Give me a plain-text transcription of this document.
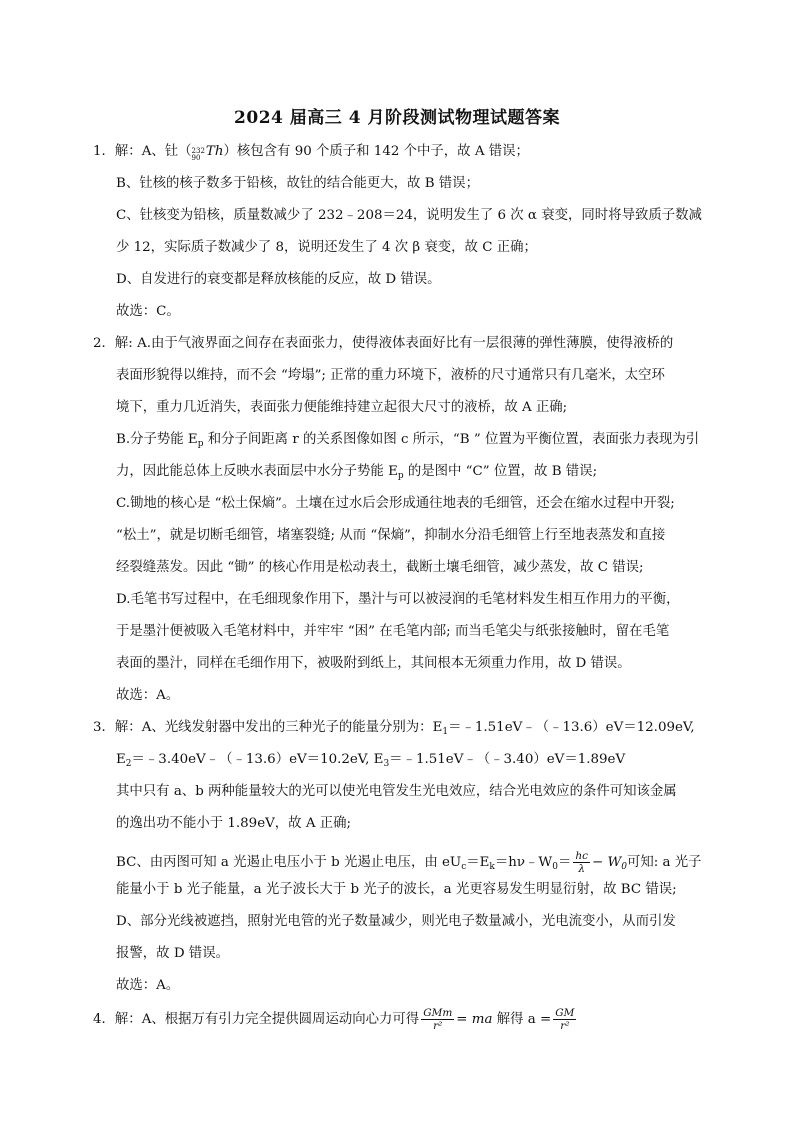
2024 届高三 4 月阶段测试物理试题答案
1．解：A、钍（ 232
90 Th）核包含有 90 个质子和 142 个中子，故 A 错误；
B、钍核的核子数多于铅核，故钍的结合能更大，故 B 错误；
C、钍核变为铅核，质量数减少了 232﹣208＝24，说明发生了 6 次 α 衰变，同时将导致质子数减
少 12，实际质子数减少了 8，说明还发生了 4 次 β 衰变，故 C 正确；
D、自发进行的衰变都是释放核能的反应，故 D 错误。
故选：C。
2．解: A.由于气液界面之间存在表面张力，使得液体表面好比有一层很薄的弹性薄膜，使得液桥的
表面形貌得以维持，而不会 “垮塌”; 正常的重力环境下，液桥的尺寸通常只有几毫米，太空环
境下，重力几近消失，表面张力便能维持建立起很大尺寸的液桥，故 A 正确;
B.分子势能 $E_p$ 和分子间距离 r 的关系图像如图 c 所示，“B ” 位置为平衡位置，表面张力表现为引
力，因此能总体上反映水表面层中水分子势能 $E_p$ 的是图中 “C” 位置，故 B 错误;
C.锄地的核心是 “松土保熵”。土壤在过水后会形成通往地表的毛细管，还会在缩水过程中开裂;
“松土”，就是切断毛细管，堵塞裂缝; 从而 “保熵”，抑制水分沿毛细管上行至地表蒸发和直接
经裂缝蒸发。因此 “锄” 的核心作用是松动表土，截断土壤毛细管，减少蒸发，故 C 错误;
D.毛笔书写过程中，在毛细现象作用下，墨汁与可以被浸润的毛笔材料发生相互作用力的平衡，
于是墨汁便被吸入毛笔材料中，并牢牢 “困” 在毛笔内部; 而当毛笔尖与纸张接触时，留在毛笔
表面的墨汁，同样在毛细作用下，被吸附到纸上，其间根本无须重力作用，故 D 错误。
故选：A。
3．解：A、光线发射器中发出的三种光子的能量分别为：$E_1=﹣1.51eV﹣(﹣13.6)eV=12.09eV$,
$E_2=﹣3.40eV﹣(﹣13.6)eV=10.2eV$, $E_3=﹣1.51eV﹣(﹣3.40)eV=1.89eV$
其中只有 a、b 两种能量较大的光可以使光电管发生光电效应，结合光电效应的条件可知该金属
的逸出功不能小于 1.89eV，故 A 正确;
BC、由丙图可知 a 光遏止电压小于 b 光遏止电压，由 $eU_c=E_k=h\nu﹣W_0= \frac{hc}{\lambda} - W_0$可知: a 光子
能量小于 b 光子能量，a 光子波长大于 b 光子的波长，a 光更容易发生明显衍射，故 BC 错误;
D、部分光线被遮挡，照射光电管的光子数量减少，则光电子数量减小，光电流变小，从而引发
报警，故 D 错误。
故选：A。
4．解：A、根据万有引力完全提供圆周运动向心力可得 $\frac{\text{GMm}}{\text{r²}}$ = ma 解得 $a = \frac{GM}{\text{r²}}$
